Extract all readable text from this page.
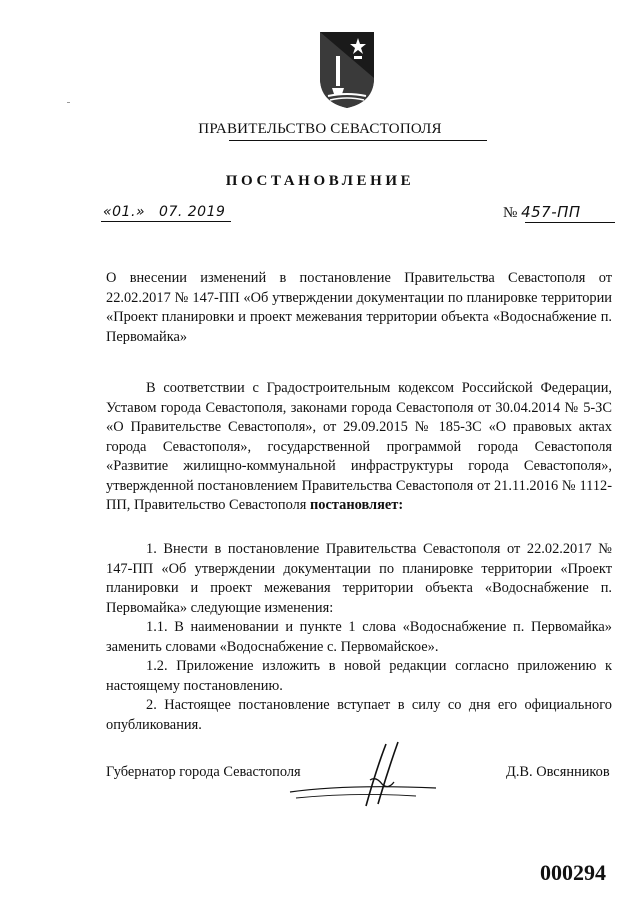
ПРАВИТЕЛЬСТВО СЕВАСТОПОЛЯ
ПОСТАНОВЛЕНИЕ
«01.» 07. 2019	№ 457-ПП

О внесении изменений в постановление Правительства Севастополя от 22.02.2017 № 147-ПП «Об утверждении документации по планировке территории «Проект планировки и проект межевания территории объекта «Водоснабжение п. Первомайка»

В соответствии с Градостроительным кодексом Российской Федерации, Уставом города Севастополя, законами города Севастополя от 30.04.2014 № 5-ЗС «О Правительстве Севастополя», от 29.09.2015 № 185-ЗС «О правовых актах города Севастополя», государственной программой города Севастополя «Развитие жилищно-коммунальной инфраструктуры города Севастополя», утвержденной постановлением Правительства Севастополя от 21.11.2016 № 1112-ПП, Правительство Севастополя постановляет:

1. Внести в постановление Правительства Севастополя от 22.02.2017 № 147-ПП «Об утверждении документации по планировке территории «Проект планировки и проект межевания территории объекта «Водоснабжение п. Первомайка» следующие изменения:

1.1. В наименовании и пункте 1 слова «Водоснабжение п. Первомайка» заменить словами «Водоснабжение с. Первомайское».

1.2. Приложение изложить в новой редакции согласно приложению к настоящему постановлению.

2. Настоящее постановление вступает в силу со дня его официального опубликования.

Губернатор города Севастополя	Д.В. Овсянников
000294
